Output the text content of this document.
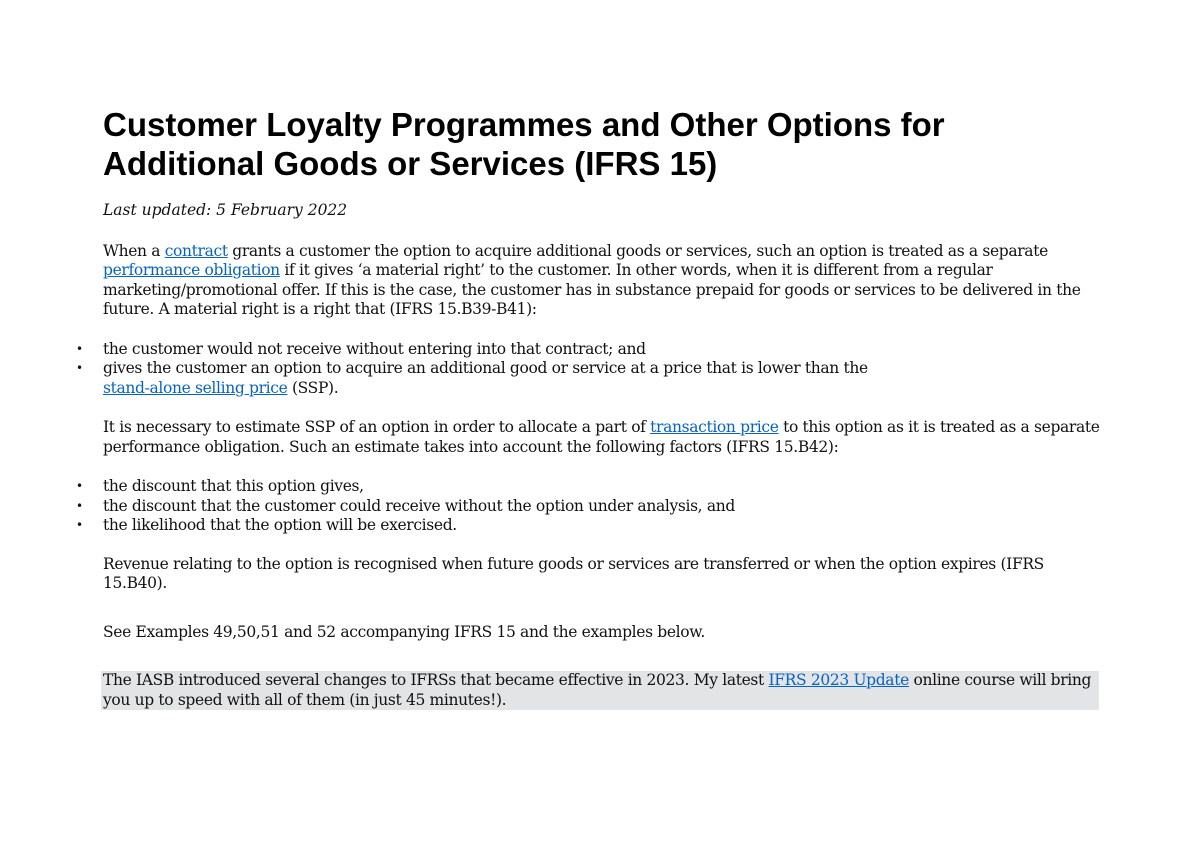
Customer Loyalty Programmes and Other Options for
Additional Goods or Services (IFRS 15)
Last updated: 5 February 2022

When a contract grants a customer the option to acquire additional goods or services, such an option is treated as a separate performance obligation if it gives ‘a material right’ to the customer. In other words, when it is different from a regular marketing/promotional offer. If this is the case, the customer has in substance prepaid for goods or services to be delivered in the future. A material right is a right that (IFRS 15.B39-B41):

• the customer would not receive without entering into that contract; and
• gives the customer an option to acquire an additional good or service at a price that is lower than the
stand-alone selling price (SSP).

It is necessary to estimate SSP of an option in order to allocate a part of transaction price to this option as it is treated as a separate performance obligation. Such an estimate takes into account the following factors (IFRS 15.B42):

• the discount that this option gives,
• the discount that the customer could receive without the option under analysis, and
• the likelihood that the option will be exercised.

Revenue relating to the option is recognised when future goods or services are transferred or when the option expires (IFRS 15.B40).

See Examples 49,50,51 and 52 accompanying IFRS 15 and the examples below.

The IASB introduced several changes to IFRSs that became effective in 2023. My latest IFRS 2023 Update online course will bring you up to speed with all of them (in just 45 minutes!).
